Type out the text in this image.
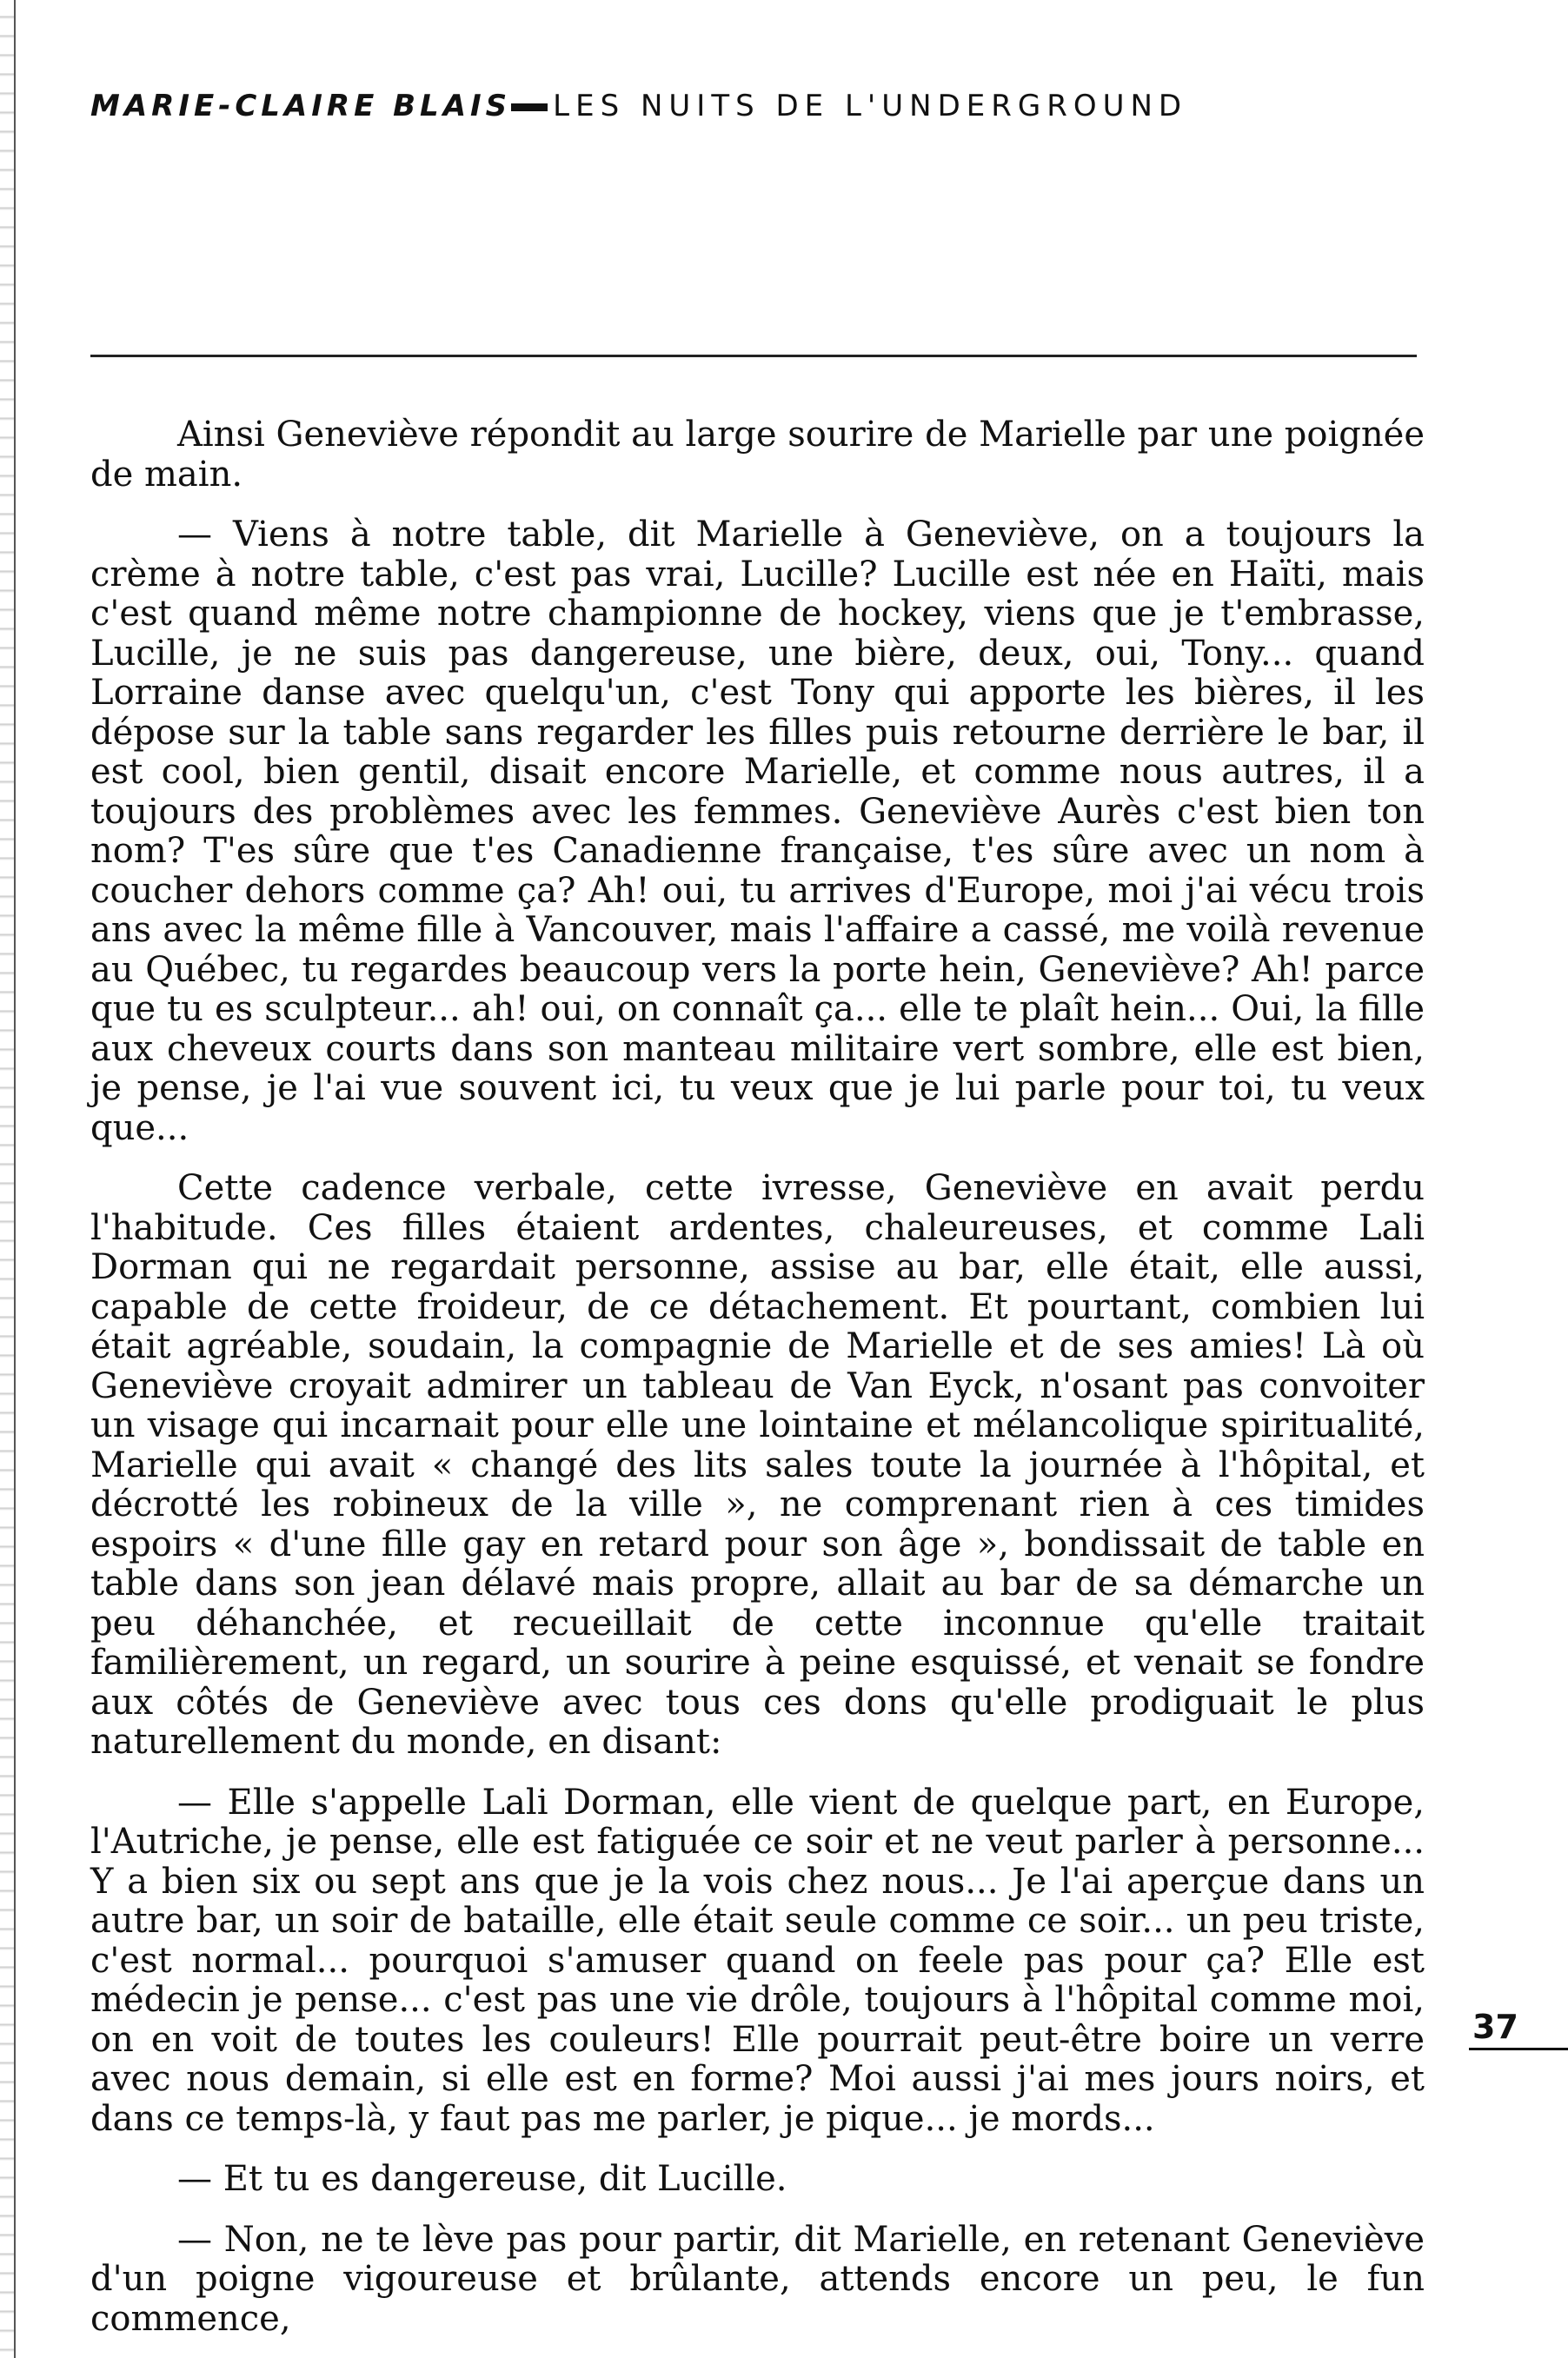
MARIE-CLAIRE BLAIS LES NUITS DE L'UNDERGROUND

Ainsi Geneviève répondit au large sourire de Marielle par une poignée de main.

— Viens à notre table, dit Marielle à Geneviève, on a toujours la crème à notre table, c'est pas vrai, Lucille? Lucille est née en Haïti, mais c'est quand même notre championne de hockey, viens que je t'embrasse, Lucille, je ne suis pas dangereuse, une bière, deux, oui, Tony... quand Lorraine danse avec quelqu'un, c'est Tony qui apporte les bières, il les dépose sur la table sans regarder les filles puis retourne derrière le bar, il est cool, bien gentil, disait encore Marielle, et comme nous autres, il a toujours des problèmes avec les femmes. Geneviève Aurès c'est bien ton nom? T'es sûre que t'es Canadienne française, t'es sûre avec un nom à coucher dehors comme ça? Ah! oui, tu arrives d'Europe, moi j'ai vécu trois ans avec la même fille à Vancouver, mais l'affaire a cassé, me voilà revenue au Québec, tu regardes beaucoup vers la porte hein, Geneviève? Ah! parce que tu es sculpteur... ah! oui, on connaît ça... elle te plaît hein... Oui, la fille aux cheveux courts dans son manteau militaire vert sombre, elle est bien, je pense, je l'ai vue souvent ici, tu veux que je lui parle pour toi, tu veux que...

Cette cadence verbale, cette ivresse, Geneviève en avait perdu l'habitude. Ces filles étaient ardentes, chaleureuses, et comme Lali Dorman qui ne regardait personne, assise au bar, elle était, elle aussi, capable de cette froideur, de ce détachement. Et pourtant, combien lui était agréable, soudain, la compagnie de Marielle et de ses amies! Là où Geneviève croyait admirer un tableau de Van Eyck, n'osant pas convoiter un visage qui incarnait pour elle une lointaine et mélancolique spiritualité, Marielle qui avait « changé des lits sales toute la journée à l'hôpital, et décrotté les robineux de la ville », ne comprenant rien à ces timides espoirs « d'une fille gay en retard pour son âge », bondissait de table en table dans son jean délavé mais propre, allait au bar de sa démarche un peu déhanchée, et recueillait de cette inconnue qu'elle traitait familièrement, un regard, un sourire à peine esquissé, et venait se fondre aux côtés de Geneviève avec tous ces dons qu'elle prodiguait le plus naturellement du monde, en disant:

— Elle s'appelle Lali Dorman, elle vient de quelque part, en Europe, l'Autriche, je pense, elle est fatiguée ce soir et ne veut parler à personne... Y a bien six ou sept ans que je la vois chez nous... Je l'ai aperçue dans un autre bar, un soir de bataille, elle était seule comme ce soir... un peu triste, c'est normal... pourquoi s'amuser quand on feele pas pour ça? Elle est médecin je pense... c'est pas une vie drôle, toujours à l'hôpital comme moi, on en voit de toutes les couleurs! Elle pourrait peut-être boire un verre avec nous demain, si elle est en forme? Moi aussi j'ai mes jours noirs, et dans ce temps-là, y faut pas me parler, je pique... je mords...

— Et tu es dangereuse, dit Lucille.

— Non, ne te lève pas pour partir, dit Marielle, en retenant Geneviève d'un poigne vigoureuse et brûlante, attends encore un peu, le fun commence,

37
